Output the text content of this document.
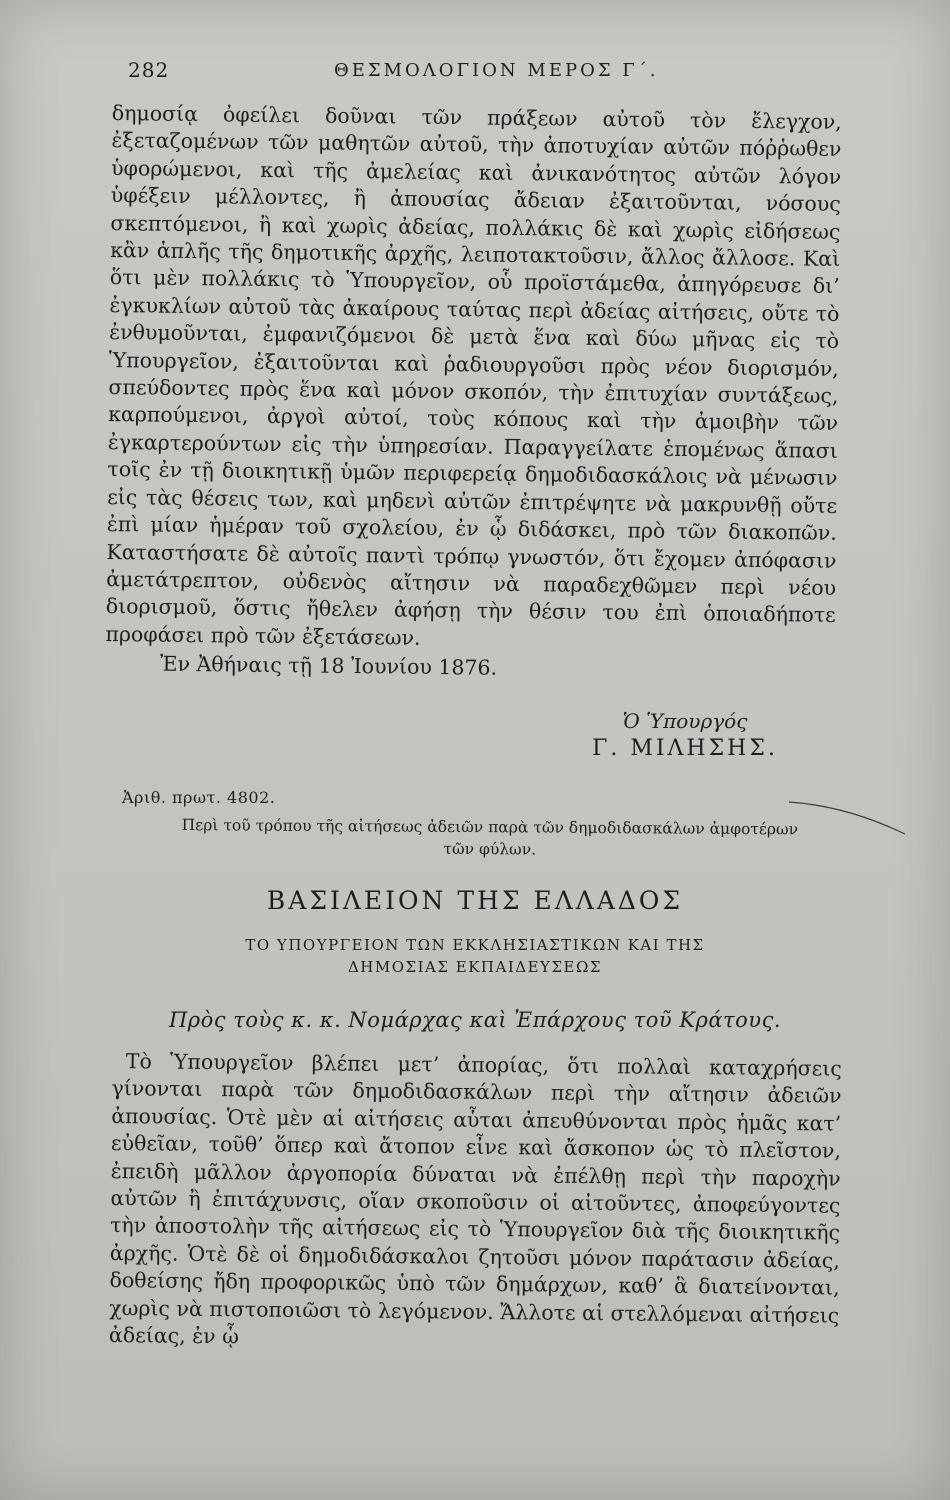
282	ΘΕΣΜΟΛΟΓΙΟΝ ΜΕΡΟΣ Γ΄.
δημοσίᾳ ὀφείλει δοῦναι τῶν πράξεων αὐτοῦ τὸν ἔλεγχον, ἐξεταζομένων τῶν μαθητῶν αὐτοῦ, τὴν ἀποτυχίαν αὐτῶν πόῤῥωθεν ὑφορώμενοι, καὶ τῆς ἀμελείας καὶ ἀνικανότητος αὐτῶν λόγον ὑφέξειν μέλλοντες, ἢ ἀπουσίας ἄδειαν ἐξαιτοῦνται, νόσους σκεπτόμενοι, ἢ καὶ χωρὶς ἀδείας, πολλάκις δὲ καὶ χωρὶς εἰδήσεως κἂν ἁπλῆς τῆς δημοτικῆς ἀρχῆς, λειποτακτοῦσιν, ἄλλος ἄλλοσε. Καὶ ὅτι μὲν πολλάκις τὸ Ὑπουργεῖον, οὗ προϊστάμεθα, ἀπηγόρευσε δι’ ἐγκυκλίων αὐτοῦ τὰς ἀκαίρους ταύτας περὶ ἀδείας αἰτήσεις, οὔτε τὸ ἐνθυμοῦνται, ἐμφανιζόμενοι δὲ μετὰ ἕνα καὶ δύω μῆνας εἰς τὸ Ὑπουργεῖον, ἐξαιτοῦνται καὶ ῥαδιουργοῦσι πρὸς νέον διορισμόν, σπεύδοντες πρὸς ἕνα καὶ μόνον σκοπόν, τὴν ἐπιτυχίαν συντάξεως, καρπούμενοι, ἀργοὶ αὐτοί, τοὺς κόπους καὶ τὴν ἀμοιβὴν τῶν ἐγκαρτερούντων εἰς τὴν ὑπηρεσίαν. Παραγγείλατε ἑπομένως ἅπασι τοῖς ἐν τῇ διοικητικῇ ὑμῶν περιφερείᾳ δημοδιδασκάλοις νὰ μένωσιν εἰς τὰς θέσεις των, καὶ μηδενὶ αὐτῶν ἐπιτρέψητε νὰ μακρυνθῇ οὔτε ἐπὶ μίαν ἡμέραν τοῦ σχολείου, ἐν ᾧ διδάσκει, πρὸ τῶν διακοπῶν. Καταστήσατε δὲ αὐτοῖς παντὶ τρόπῳ γνωστόν, ὅτι ἔχομεν ἀπόφασιν ἀμετάτρεπτον, οὐδενὸς αἴτησιν νὰ παραδεχθῶμεν περὶ νέου διορισμοῦ, ὅστις ἤθελεν ἀφήσῃ τὴν θέσιν του ἐπὶ ὁποιαδήποτε προφάσει πρὸ τῶν ἐξετάσεων.
Ἐν Ἀθήναις τῇ 18 Ἰουνίου 1876.
Ὁ Ὑπουργός
Γ. ΜΙΛΗΣΗΣ.
Ἀριθ. πρωτ. 4802.
Περὶ τοῦ τρόπου τῆς αἰτήσεως ἀδειῶν παρὰ τῶν δημοδιδασκάλων ἀμφοτέρων τῶν φύλων.
ΒΑΣΙΛΕΙΟΝ ΤΗΣ ΕΛΛΑΔΟΣ
ΤΟ ΥΠΟΥΡΓΕΙΟΝ ΤΩΝ ΕΚΚΛΗΣΙΑΣΤΙΚΩΝ ΚΑΙ ΤΗΣ
ΔΗΜΟΣΙΑΣ ΕΚΠΑΙΔΕΥΣΕΩΣ
Πρὸς τοὺς κ. κ. Νομάρχας καὶ Ἐπάρχους τοῦ Κράτους.
Τὸ Ὑπουργεῖον βλέπει μετ’ ἀπορίας, ὅτι πολλαὶ καταχρήσεις γίνονται παρὰ τῶν δημοδιδασκάλων περὶ τὴν αἴτησιν ἀδειῶν ἀπουσίας. Ὁτὲ μὲν αἱ αἰτήσεις αὗται ἀπευθύνονται πρὸς ἡμᾶς κατ’ εὐθεῖαν, τοῦθ’ ὅπερ καὶ ἄτοπον εἶνε καὶ ἄσκοπον ὡς τὸ πλεῖστον, ἐπειδὴ μᾶλλον ἀργοπορία δύναται νὰ ἐπέλθῃ περὶ τὴν παροχὴν αὐτῶν ἢ ἐπιτάχυνσις, οἵαν σκοποῦσιν οἱ αἰτοῦντες, ἀποφεύγοντες τὴν ἀποστολὴν τῆς αἰτήσεως εἰς τὸ Ὑπουργεῖον διὰ τῆς διοικητικῆς ἀρχῆς. Ὁτὲ δὲ οἱ δημοδιδάσκαλοι ζητοῦσι μόνον παράτασιν ἀδείας, δοθείσης ἤδη προφορικῶς ὑπὸ τῶν δημάρχων, καθ’ ἃ διατείνονται, χωρὶς νὰ πιστοποιῶσι τὸ λεγόμενον. Ἄλλοτε αἱ στελλόμεναι αἰτήσεις ἀδείας, ἐν ᾧ
